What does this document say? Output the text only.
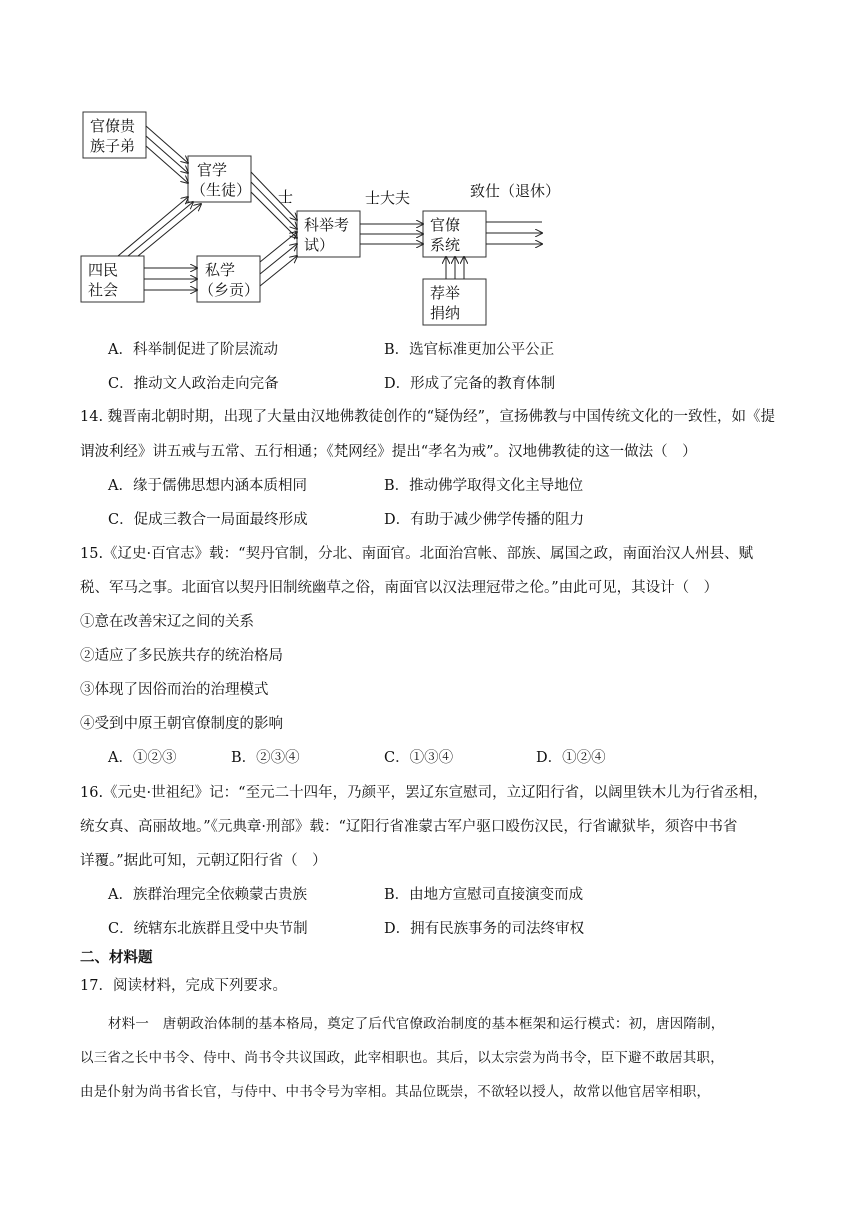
官僚贵
族子弟
官学
（生徒）
四民
社会
私学
（乡贡）
科举考
试）
官僚
系统
荐举
捐纳
士	士大夫	致仕（退休）
A．科举制促进了阶层流动	B．选官标准更加公平公正
C．推动文人政治走向完备	D．形成了完备的教育体制
14. 魏晋南北朝时期，出现了大量由汉地佛教徒创作的“疑伪经”，宣扬佛教与中国传统文化的一致性，如《提
谓波利经》讲五戒与五常、五行相通；《梵网经》提出“孝名为戒”。汉地佛教徒的这一做法（　）
A．缘于儒佛思想内涵本质相同	B．推动佛学取得文化主导地位
C．促成三教合一局面最终形成	D．有助于减少佛学传播的阻力
15.《辽史·百官志》载：“契丹官制，分北、南面官。北面治宫帐、部族、属国之政，南面治汉人州县、赋
税、军马之事。北面官以契丹旧制统幽草之俗，南面官以汉法理冠带之伦。”由此可见，其设计（　）
①意在改善宋辽之间的关系
②适应了多民族共存的统治格局
③体现了因俗而治的治理模式
④受到中原王朝官僚制度的影响
A．①②③	B．②③④	C．①③④	D．①②④
16.《元史·世祖纪》记：“至元二十四年，乃颜平，罢辽东宣慰司，立辽阳行省，以阔里铁木儿为行省丞相，
统女真、高丽故地。”《元典章·刑部》载：“辽阳行省准蒙古军户驱口殴伤汉民，行省谳狱毕，须咨中书省
详覆。”据此可知，元朝辽阳行省（　）
A．族群治理完全依赖蒙古贵族	B．由地方宣慰司直接演变而成
C．统辖东北族群且受中央节制	D．拥有民族事务的司法终审权
二、材料题
17．阅读材料，完成下列要求。
材料一　唐朝政治体制的基本格局，奠定了后代官僚政治制度的基本框架和运行模式：初，唐因隋制，
以三省之长中书令、侍中、尚书令共议国政，此宰相职也。其后，以太宗尝为尚书令，臣下避不敢居其职，
由是仆射为尚书省长官，与侍中、中书令号为宰相。其品位既崇，不欲轻以授人，故常以他官居宰相职，
